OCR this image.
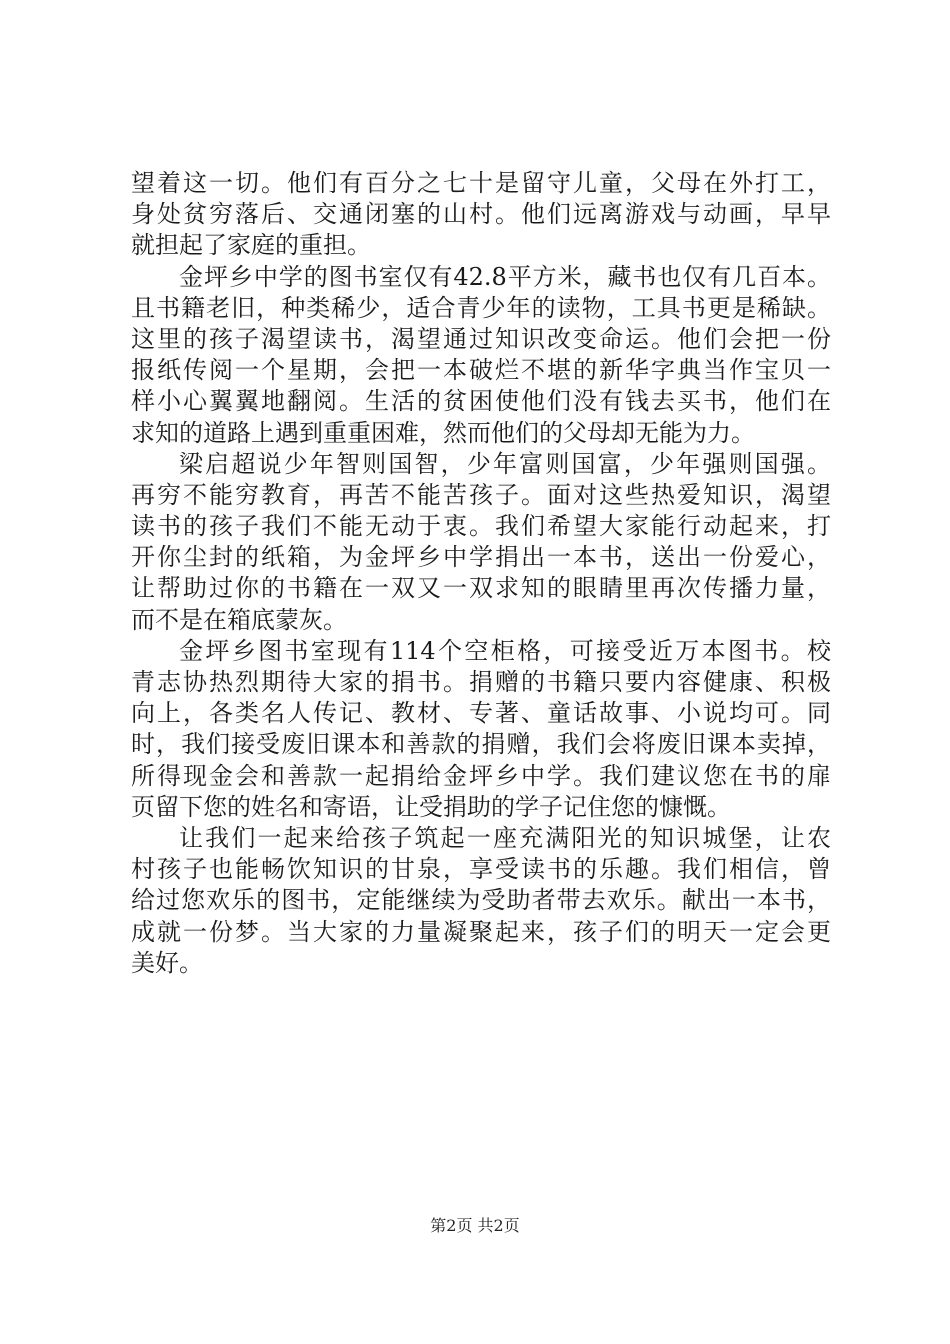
望着这一切。他们有百分之七十是留守儿童，父母在外打工，
身处贫穷落后、交通闭塞的山村。他们远离游戏与动画，早早
就担起了家庭的重担。
金坪乡中学的图书室仅有42.8平方米，藏书也仅有几百本。
且书籍老旧，种类稀少，适合青少年的读物，工具书更是稀缺。
这里的孩子渴望读书，渴望通过知识改变命运。他们会把一份
报纸传阅一个星期，会把一本破烂不堪的新华字典当作宝贝一
样小心翼翼地翻阅。生活的贫困使他们没有钱去买书，他们在
求知的道路上遇到重重困难，然而他们的父母却无能为力。
梁启超说少年智则国智，少年富则国富，少年强则国强。
再穷不能穷教育，再苦不能苦孩子。面对这些热爱知识，渴望
读书的孩子我们不能无动于衷。我们希望大家能行动起来，打
开你尘封的纸箱，为金坪乡中学捐出一本书，送出一份爱心，
让帮助过你的书籍在一双又一双求知的眼睛里再次传播力量，
而不是在箱底蒙灰。
金坪乡图书室现有114个空柜格，可接受近万本图书。校
青志协热烈期待大家的捐书。捐赠的书籍只要内容健康、积极
向上，各类名人传记、教材、专著、童话故事、小说均可。同
时，我们接受废旧课本和善款的捐赠，我们会将废旧课本卖掉，
所得现金会和善款一起捐给金坪乡中学。我们建议您在书的扉
页留下您的姓名和寄语，让受捐助的学子记住您的慷慨。
让我们一起来给孩子筑起一座充满阳光的知识城堡，让农
村孩子也能畅饮知识的甘泉，享受读书的乐趣。我们相信，曾
给过您欢乐的图书，定能继续为受助者带去欢乐。献出一本书，
成就一份梦。当大家的力量凝聚起来，孩子们的明天一定会更
美好。
第2页 共2页
